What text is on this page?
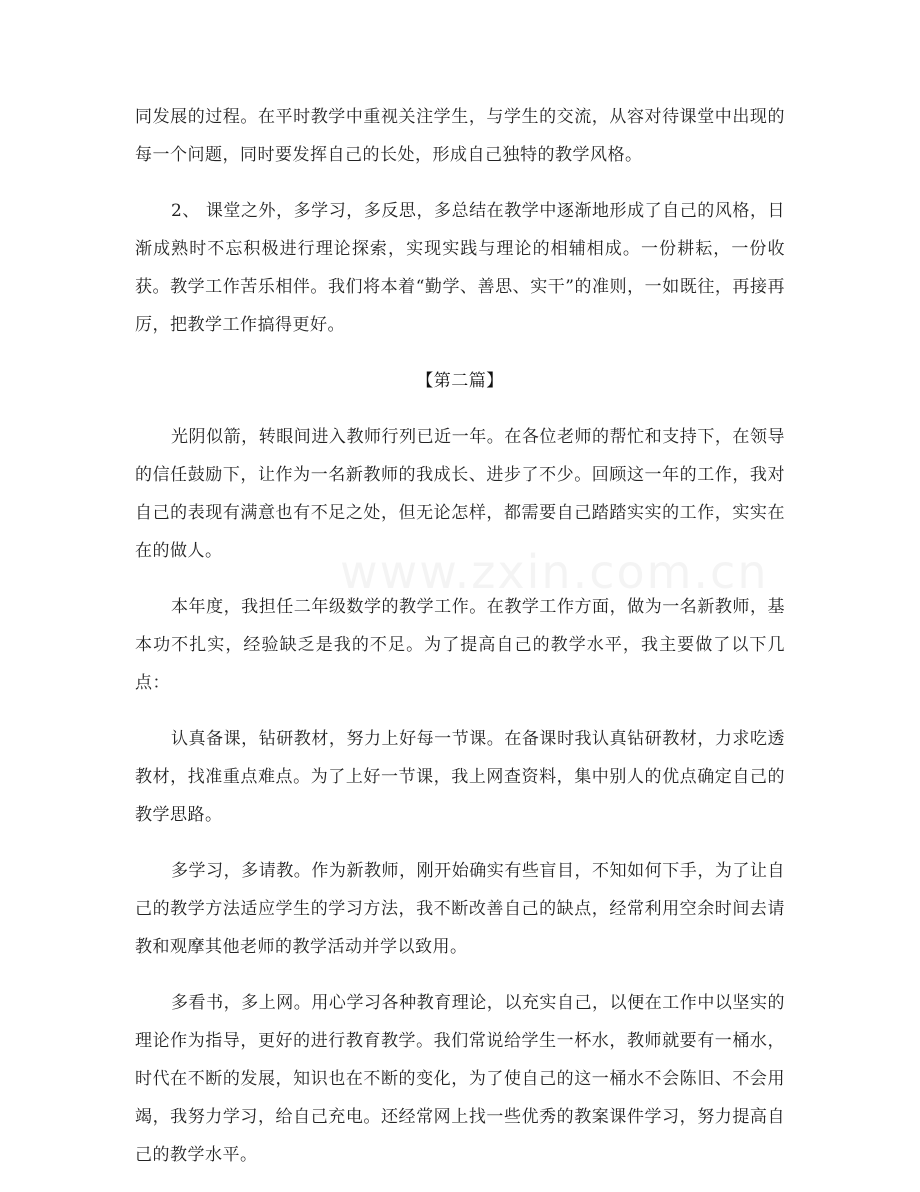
www.zxin.com.cn

同发展的过程。在平时教学中重视关注学生，与学生的交流，从容对待课堂中出现的每一个问题，同时要发挥自己的长处，形成自己独特的教学风格。

2、 课堂之外，多学习，多反思，多总结在教学中逐渐地形成了自己的风格，日渐成熟时不忘积极进行理论探索，实现实践与理论的相辅相成。一份耕耘，一份收获。教学工作苦乐相伴。我们将本着“勤学、善思、实干”的准则，一如既往，再接再厉，把教学工作搞得更好。

【第二篇】

光阴似箭，转眼间进入教师行列已近一年。在各位老师的帮忙和支持下，在领导的信任鼓励下，让作为一名新教师的我成长、进步了不少。回顾这一年的工作，我对自己的表现有满意也有不足之处，但无论怎样，都需要自己踏踏实实的工作，实实在在的做人。

本年度，我担任二年级数学的教学工作。在教学工作方面，做为一名新教师，基本功不扎实，经验缺乏是我的不足。为了提高自己的教学水平，我主要做了以下几点：

认真备课，钻研教材，努力上好每一节课。在备课时我认真钻研教材，力求吃透教材，找准重点难点。为了上好一节课，我上网查资料，集中别人的优点确定自己的教学思路。

多学习，多请教。作为新教师，刚开始确实有些盲目，不知如何下手，为了让自己的教学方法适应学生的学习方法，我不断改善自己的缺点，经常利用空余时间去请教和观摩其他老师的教学活动并学以致用。

多看书，多上网。用心学习各种教育理论，以充实自己，以便在工作中以坚实的理论作为指导，更好的进行教育教学。我们常说给学生一杯水，教师就要有一桶水，时代在不断的发展，知识也在不断的变化，为了使自己的这一桶水不会陈旧、不会用竭，我努力学习，给自己充电。还经常网上找一些优秀的教案课件学习，努力提高自己的教学水平。
